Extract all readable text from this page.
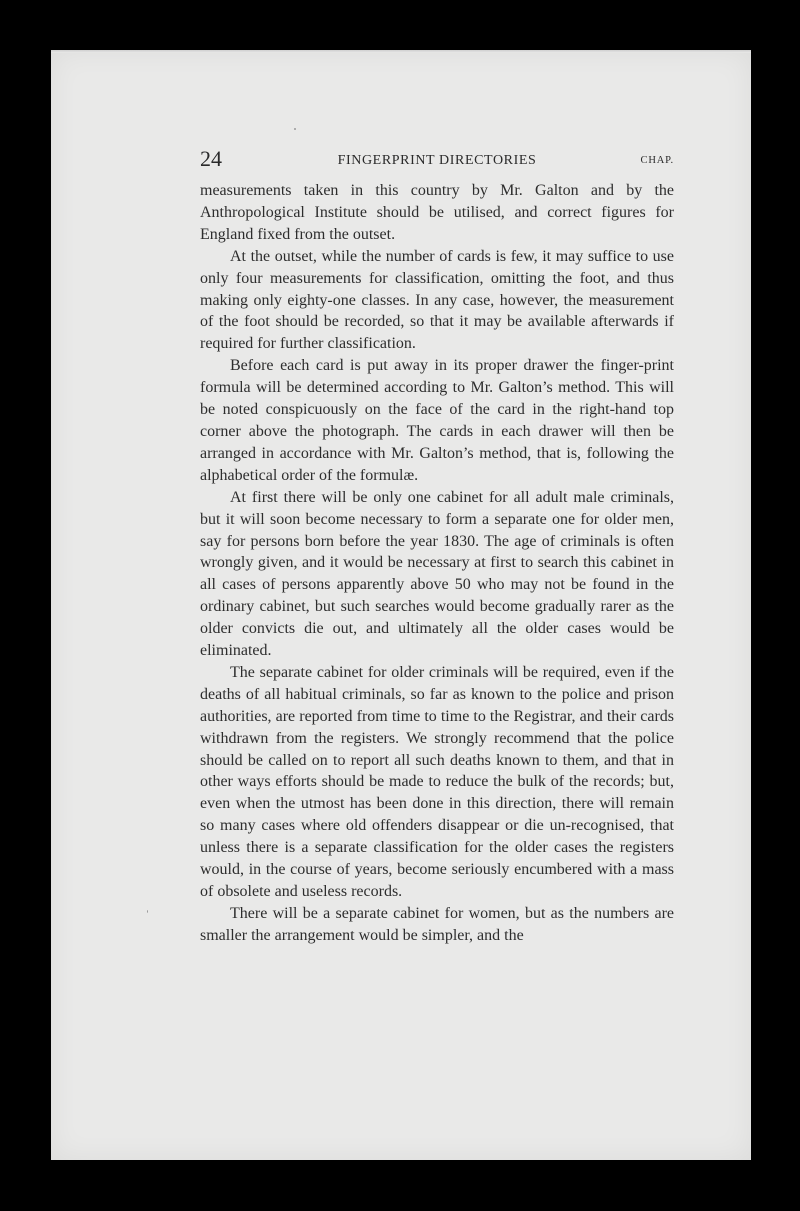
24	FINGERPRINT DIRECTORIES	CHAP.

measurements taken in this country by Mr. Galton and by the Anthropological Institute should be utilised, and correct figures for England fixed from the outset.

At the outset, while the number of cards is few, it may suffice to use only four measurements for classification, omitting the foot, and thus making only eighty-one classes. In any case, however, the measurement of the foot should be recorded, so that it may be available afterwards if required for further classification.

Before each card is put away in its proper drawer the finger-print formula will be determined according to Mr. Galton’s method. This will be noted conspicuously on the face of the card in the right-hand top corner above the photograph. The cards in each drawer will then be arranged in accordance with Mr. Galton’s method, that is, following the alphabetical order of the formulæ.

At first there will be only one cabinet for all adult male criminals, but it will soon become necessary to form a separate one for older men, say for persons born before the year 1830. The age of criminals is often wrongly given, and it would be necessary at first to search this cabinet in all cases of persons apparently above 50 who may not be found in the ordinary cabinet, but such searches would become gradually rarer as the older convicts die out, and ultimately all the older cases would be eliminated.

The separate cabinet for older criminals will be required, even if the deaths of all habitual criminals, so far as known to the police and prison authorities, are reported from time to time to the Registrar, and their cards withdrawn from the registers. We strongly recommend that the police should be called on to report all such deaths known to them, and that in other ways efforts should be made to reduce the bulk of the records; but, even when the utmost has been done in this direction, there will remain so many cases where old offenders disappear or die un-recognised, that unless there is a separate classification for the older cases the registers would, in the course of years, become seriously encumbered with a mass of obsolete and useless records.

There will be a separate cabinet for women, but as the numbers are smaller the arrangement would be simpler, and the
